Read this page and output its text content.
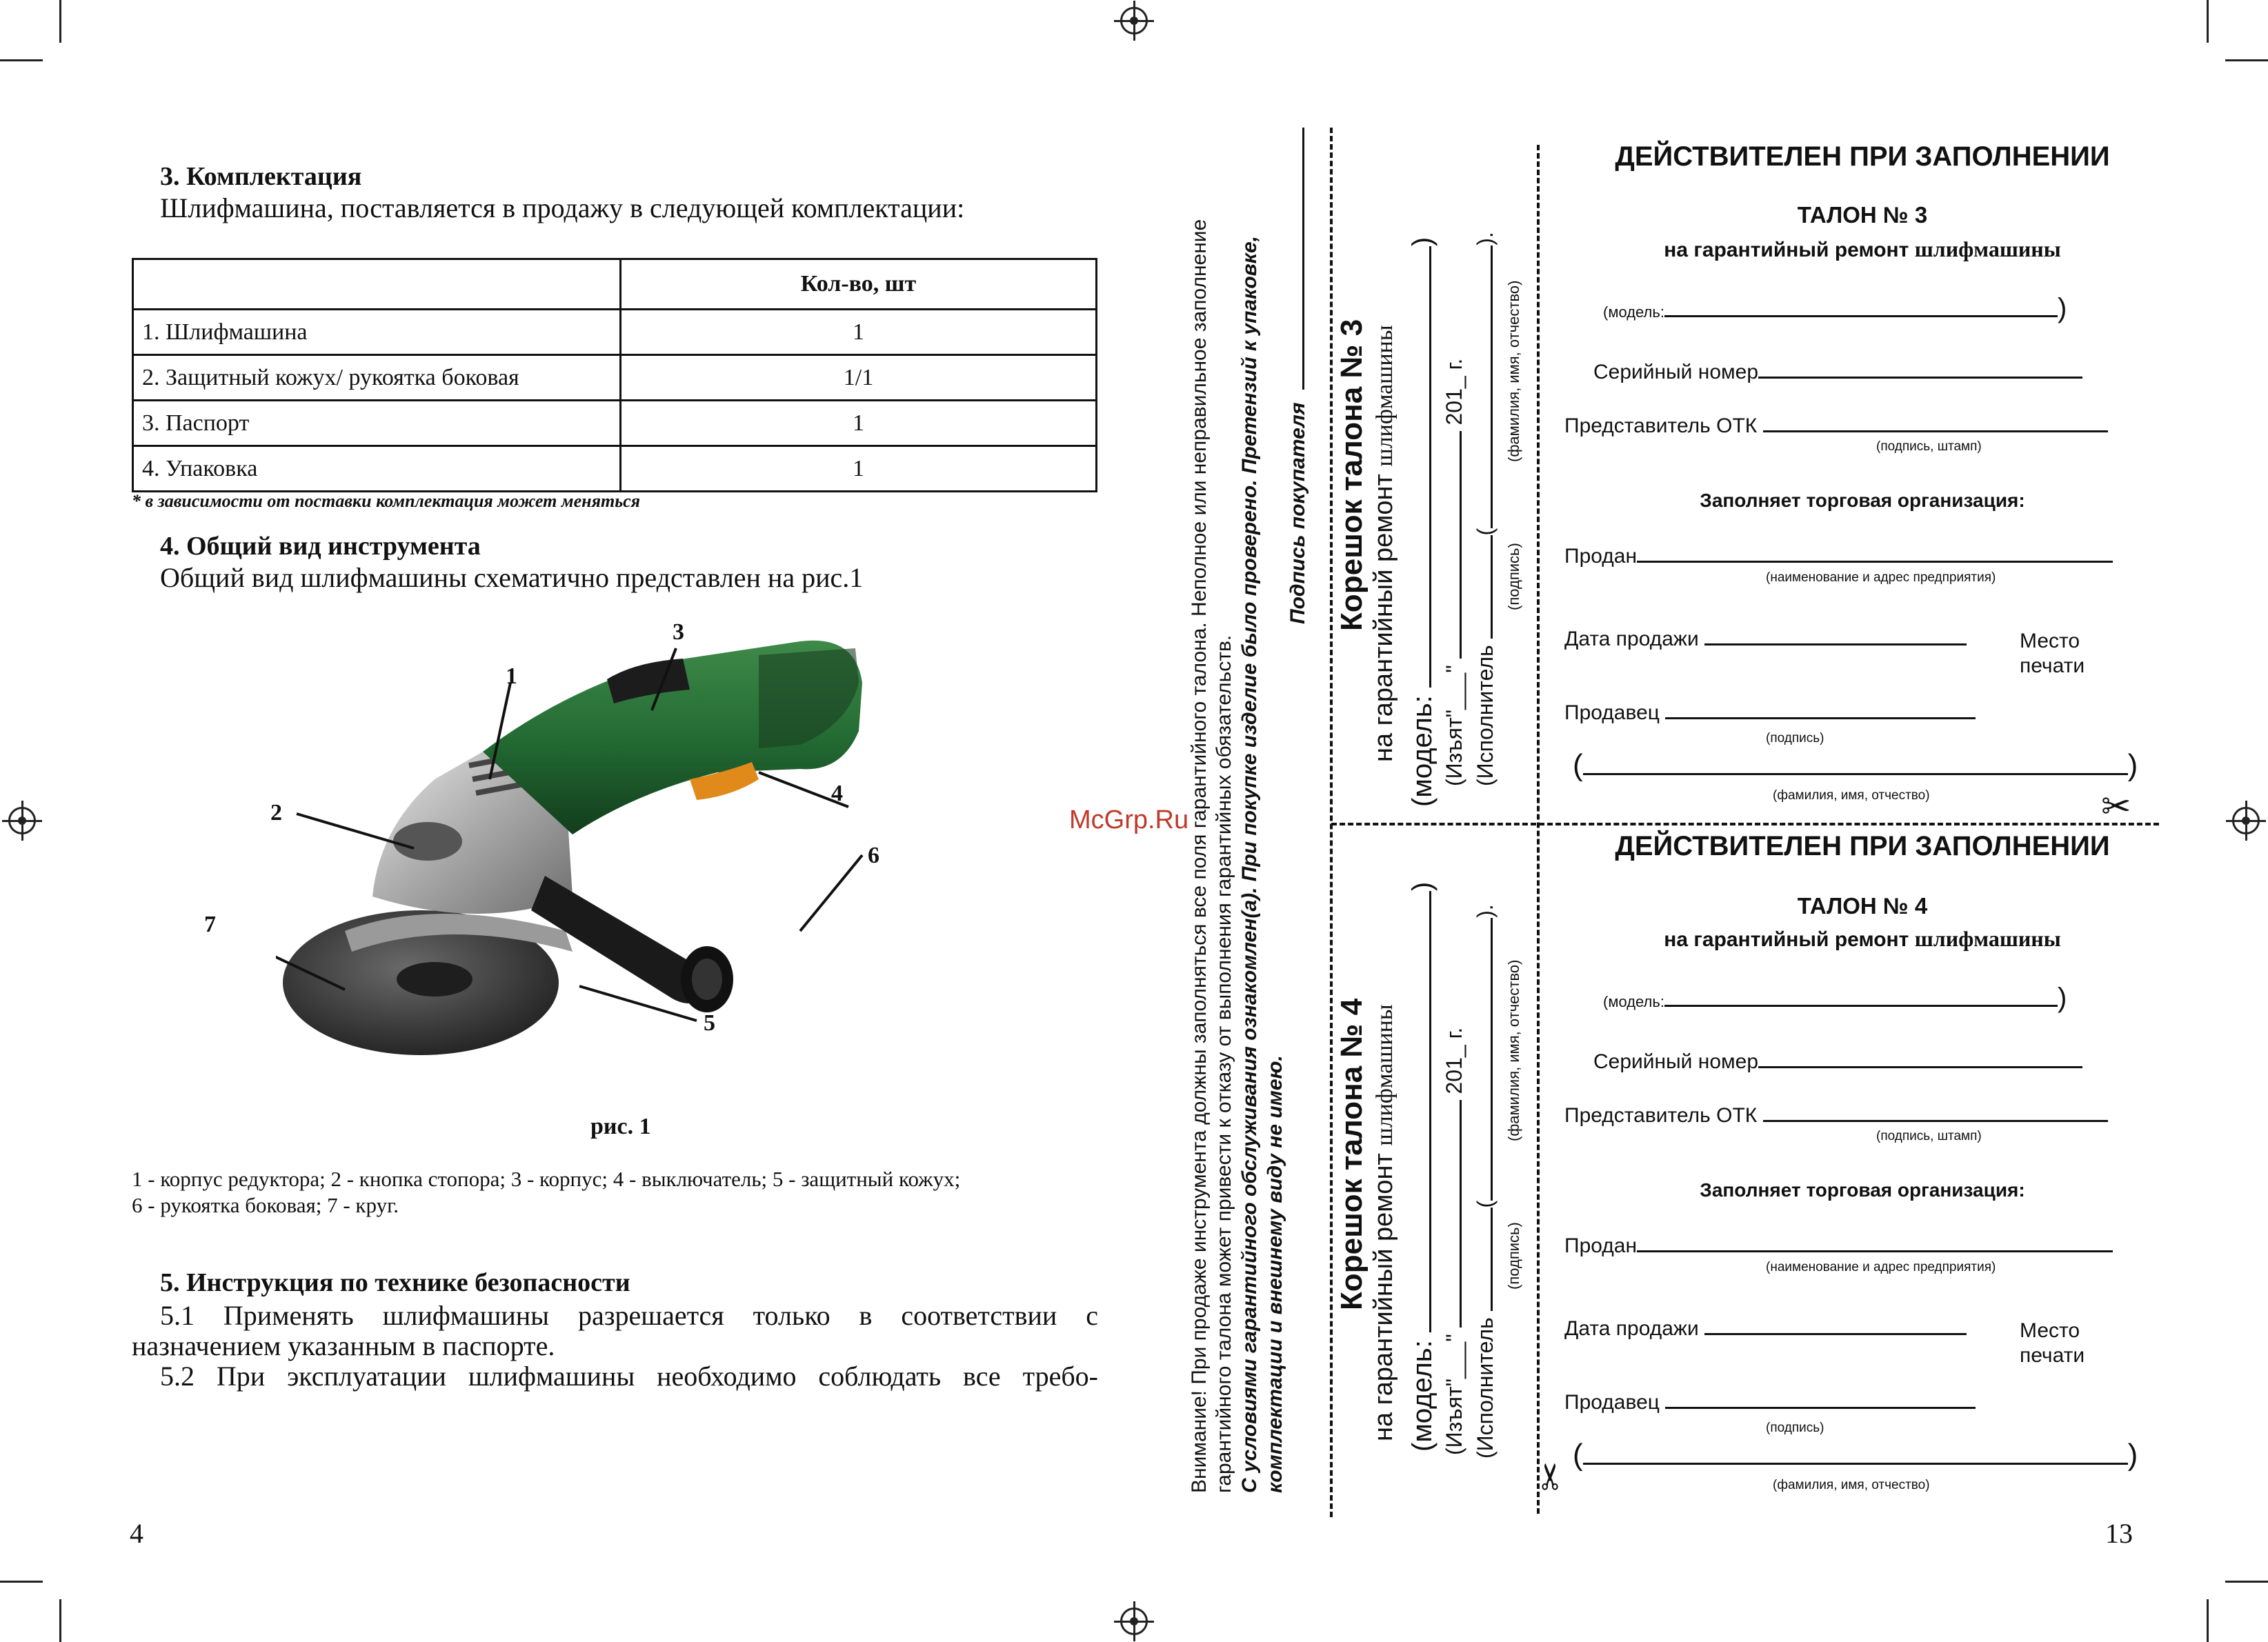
3. Комплектация
Шлифмашина, поставляется в продажу в следующей комплектации:
	Кол-во, шт
1. Шлифмашина	1
2. Защитный кожух/ рукоятка боковая	1/1
3. Паспорт	1
4. Упаковка	1
* в зависимости от поставки комплектация может меняться
4. Общий вид инструмента
Общий вид шлифмашины схематично представлен на рис.1
1
2
3
4
5
6
7
рис. 1
1 - корпус редуктора; 2 - кнопка стопора; 3 - корпус; 4 - выключатель; 5 - защитный кожух;
6 - рукоятка боковая; 7 - круг.
5. Инструкция по технике безопасности
5.1 Применять шлифмашины разрешается только в соответствии с
назначением указанным в паспорте.
5.2 При эксплуатации шлифмашины необходимо соблюдать все требо-
4
Внимание! При продаже инструмента должны заполняться все поля гарантийного талона. Неполное или неправильное заполнение гарантийного талона может привести к отказу от выполнения гарантийных обязательств. С условиями гарантийного обслуживания ознакомлен(а). При покупке изделие было проверено. Претензий к упаковке, комплектации и внешнему виду не имею.
Подпись покупателя
McGrp.Ru
Корешок талона № 3 на гарантийный ремонт шлифмашины
(модель: )
(Изъят"___"  201_ г.
(Исполнитель ().
(подпись)
(фамилия, имя, отчество)
Корешок талона № 4 на гарантийный ремонт шлифмашины
(модель: )
(Изъят"___"  201_ г.
(Исполнитель ().
(подпись)
(фамилия, имя, отчество)
ДЕЙСТВИТЕЛЕН ПРИ ЗАПОЛНЕНИИ
ТАЛОН № 3
на гарантийный ремонт шлифмашины
(модель:	)
Серийный номер
Представитель ОТК
(подпись, штамп)
Заполняет торговая организация:
Продан
(наименование и адрес предприятия)
Дата продажи	Место
печати
Продавец
(подпись)
(	)
(фамилия, имя, отчество)
ДЕЙСТВИТЕЛЕН ПРИ ЗАПОЛНЕНИИ
ТАЛОН № 4
на гарантийный ремонт шлифмашины
(модель:	)
Серийный номер
Представитель ОТК
(подпись, штамп)
Заполняет торговая организация:
Продан
(наименование и адрес предприятия)
Дата продажи	Место
печати
Продавец
(подпись)
(	)
(фамилия, имя, отчество)
✂
✂
13
